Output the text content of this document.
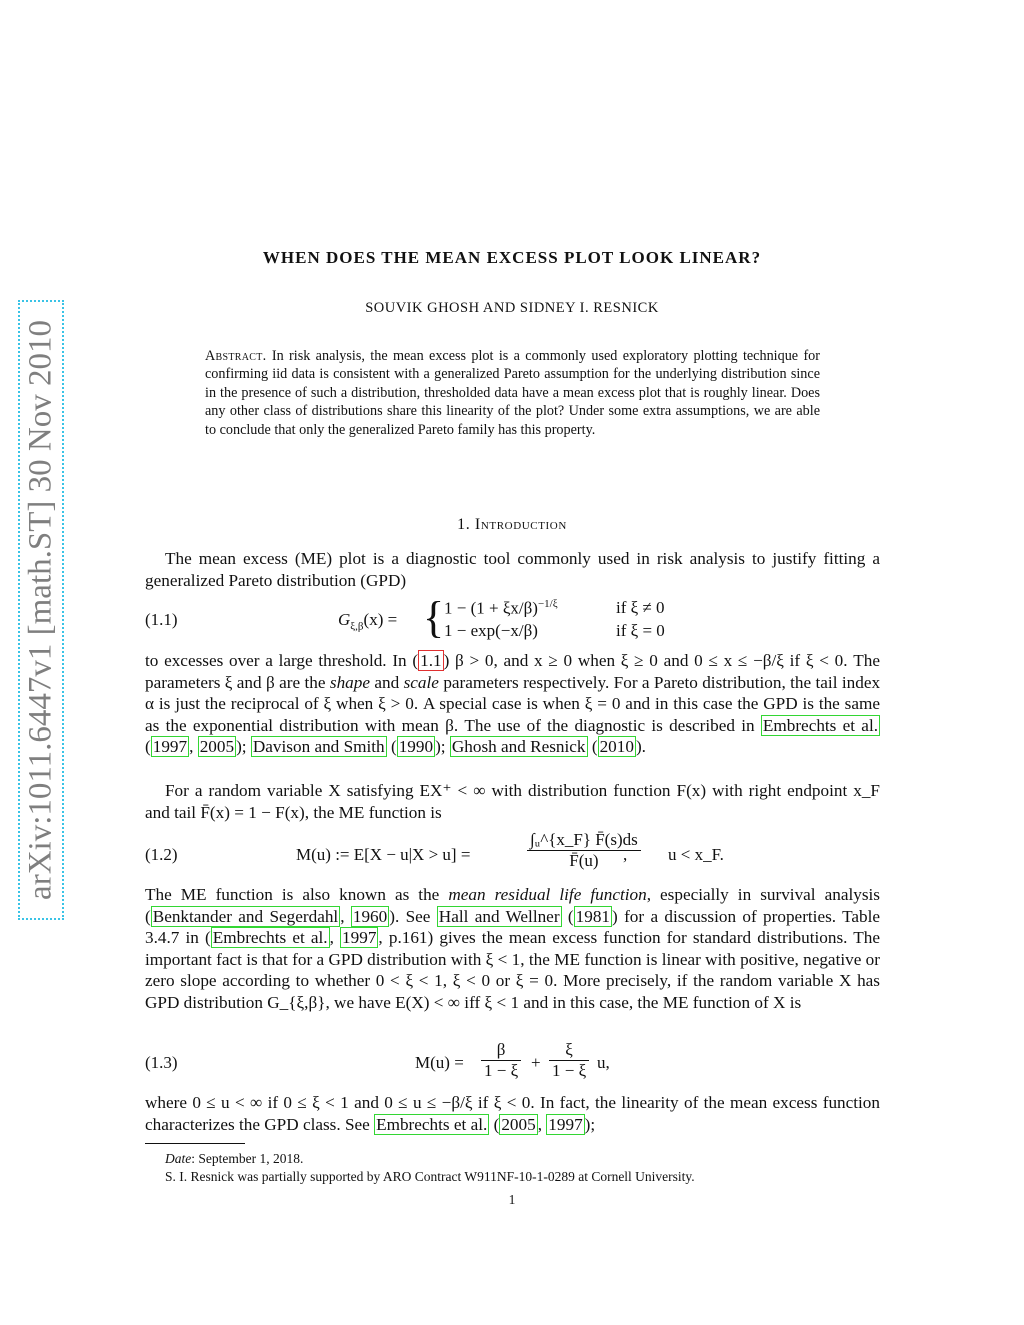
arXiv:1011.6447v1 [math.ST] 30 Nov 2010
WHEN DOES THE MEAN EXCESS PLOT LOOK LINEAR?
SOUVIK GHOSH AND SIDNEY I. RESNICK
Abstract. In risk analysis, the mean excess plot is a commonly used exploratory plotting technique for confirming iid data is consistent with a generalized Pareto assumption for the underlying distribution since in the presence of such a distribution, thresholded data have a mean excess plot that is roughly linear. Does any other class of distributions share this linearity of the plot? Under some extra assumptions, we are able to conclude that only the generalized Pareto family has this property.
1. Introduction

The mean excess (ME) plot is a diagnostic tool commonly used in risk analysis to justify fitting a generalized Pareto distribution (GPD)

(1.1)	$G_{\xi,\beta}(x)$ = { $1 - (1 + \xi x/\beta)^{-1/\xi}$	if ξ ≠ 0
1 − exp(−x/β)	if ξ = 0

to excesses over a large threshold. In ( 1.1 ) β > 0, and x ≥ 0 when ξ ≥ 0 and 0 ≤ x ≤ −β/ξ if ξ < 0. The parameters ξ and β are the shape and scale parameters respectively. For a Pareto distribution, the tail index α is just the reciprocal of ξ when ξ > 0. A special case is when ξ = 0 and in this case the GPD is the same as the exponential distribution with mean β. The use of the diagnostic is described in Embrechts et al. ( 1997 , 2005 ); Davison and Smith ( 1990 ); Ghosh and Resnick ( 2010 ).

For a random variable X satisfying EX⁺ < ∞ with distribution function F(x) with right endpoint x_F and tail F̄(x) = 1 − F(x), the ME function is

(1.2)	M(u) := E[X − u|X > u] =	$\frac{\text{∫ᵤ\textasciicircum{}\{x\_F\} F̄(s)ds}}{F̄(u)}$
, u < x_F.

The ME function is also known as the mean residual life function, especially in survival analysis ( Benktander and Segerdahl , 1960 ). See Hall and Wellner ( 1981 ) for a discussion of properties. Table 3.4.7 in ( Embrechts et al. , 1997 , p.161) gives the mean excess function for standard distributions. The important fact is that for a GPD distribution with ξ < 1, the ME function is linear with positive, negative or zero slope according to whether 0 < ξ < 1, ξ < 0 or ξ = 0. More precisely, if the random variable X has GPD distribution G_{ξ,β}, we have E(X) < ∞ iff ξ < 1 and in this case, the ME function of X is

(1.3)	$M(u) = \frac{\beta}{1 - \xi} + \frac{\xi}{1 - \xi} u$,

where 0 ≤ u < ∞ if 0 ≤ ξ < 1 and 0 ≤ u ≤ −β/ξ if ξ < 0. In fact, the linearity of the mean excess function characterizes the GPD class. See Embrechts et al. ( 2005 , 1997 );

Date: September 1, 2018.
S. I. Resnick was partially supported by ARO Contract W911NF-10-1-0289 at Cornell University.
1
